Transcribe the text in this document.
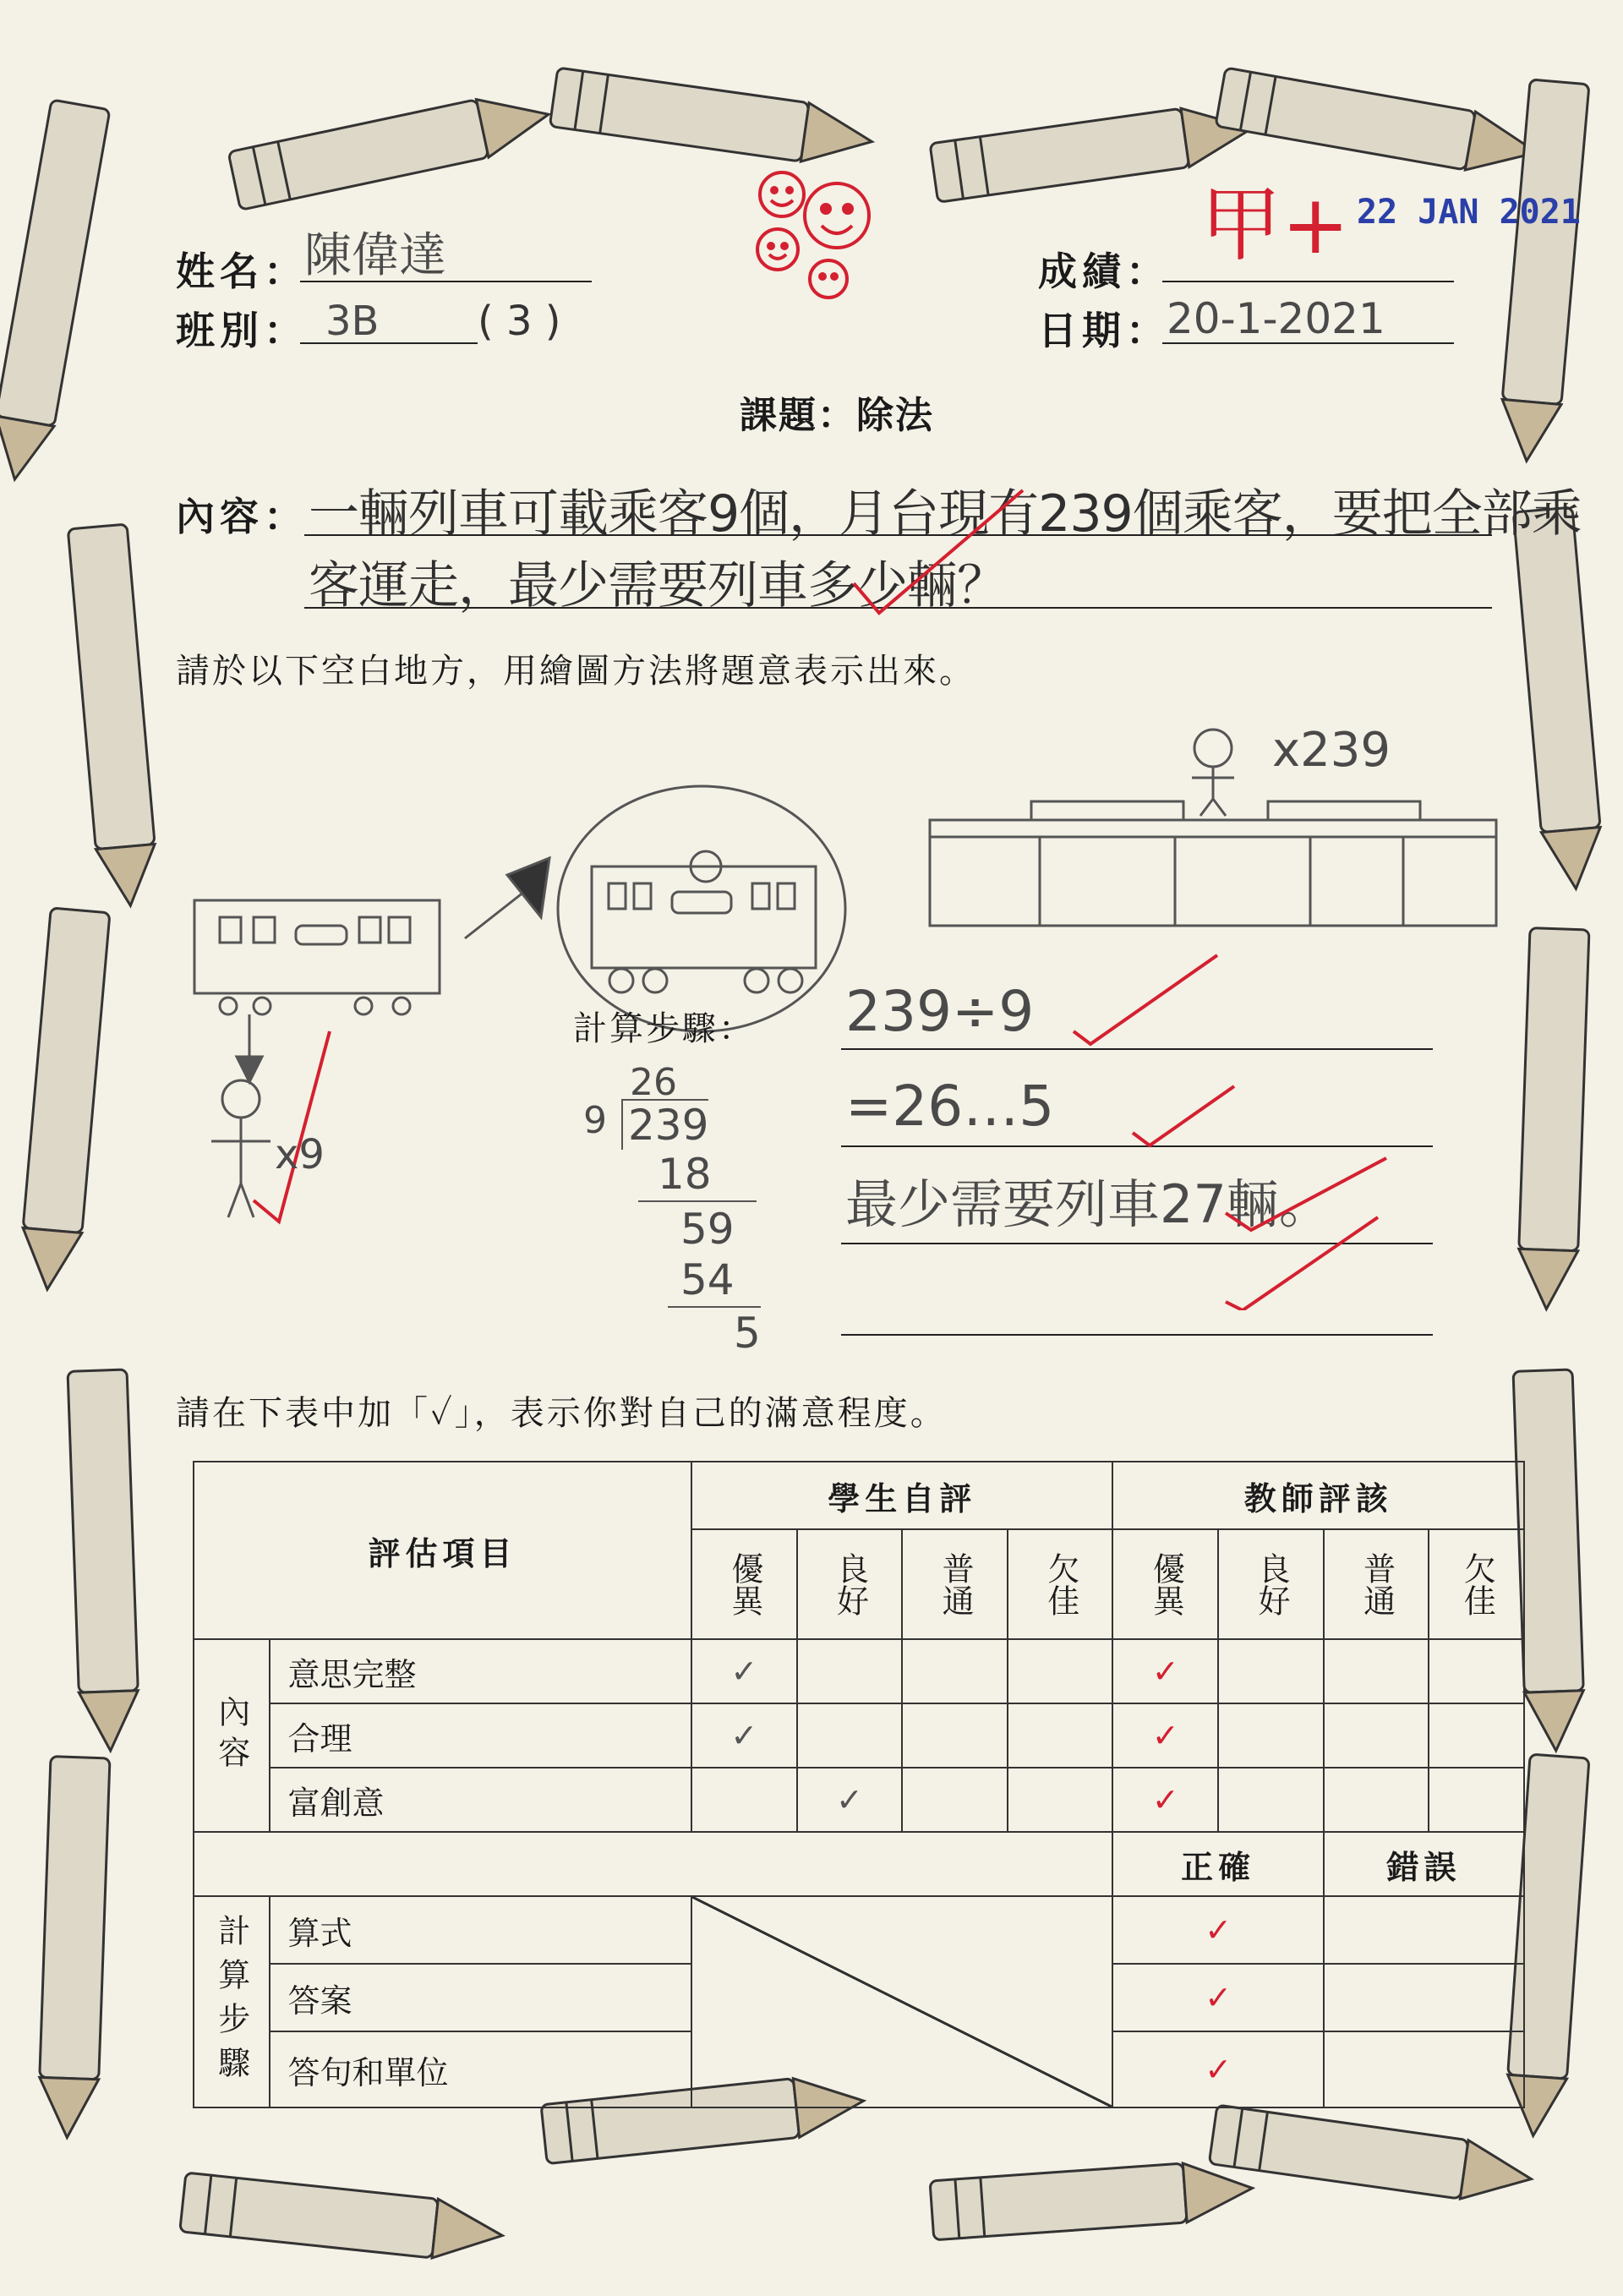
姓名：
陳偉達
班別： 3B ( 3 )
成績： 甲+ 22 JAN 2021
日期：
20-1-2021
課題：除法
內容： 一輛列車可載乘客9個，月台現有239個乘客，要把全部乘
客運走，最少需要列車多少輛？
請於以下空白地方，用繪圖方法將題意表示出來。
x239
x9
計算步驟： 239÷9
=26…5
最少需要列車27輛。
26
9 239
18
59
54
5
請在下表中加「✓」，表示你對自己的滿意程度。
評估項目		學生自評				教師評該			
		優異	良好	普通	欠佳	優異	良好	普通	欠佳
內容	意思完整	✓				✓			
	合理	✓				✓			
	富創意		✓			✓			
						正確		錯誤	
計算步驟	算式					✓			
	答案					✓			
	答句和單位					✓			
